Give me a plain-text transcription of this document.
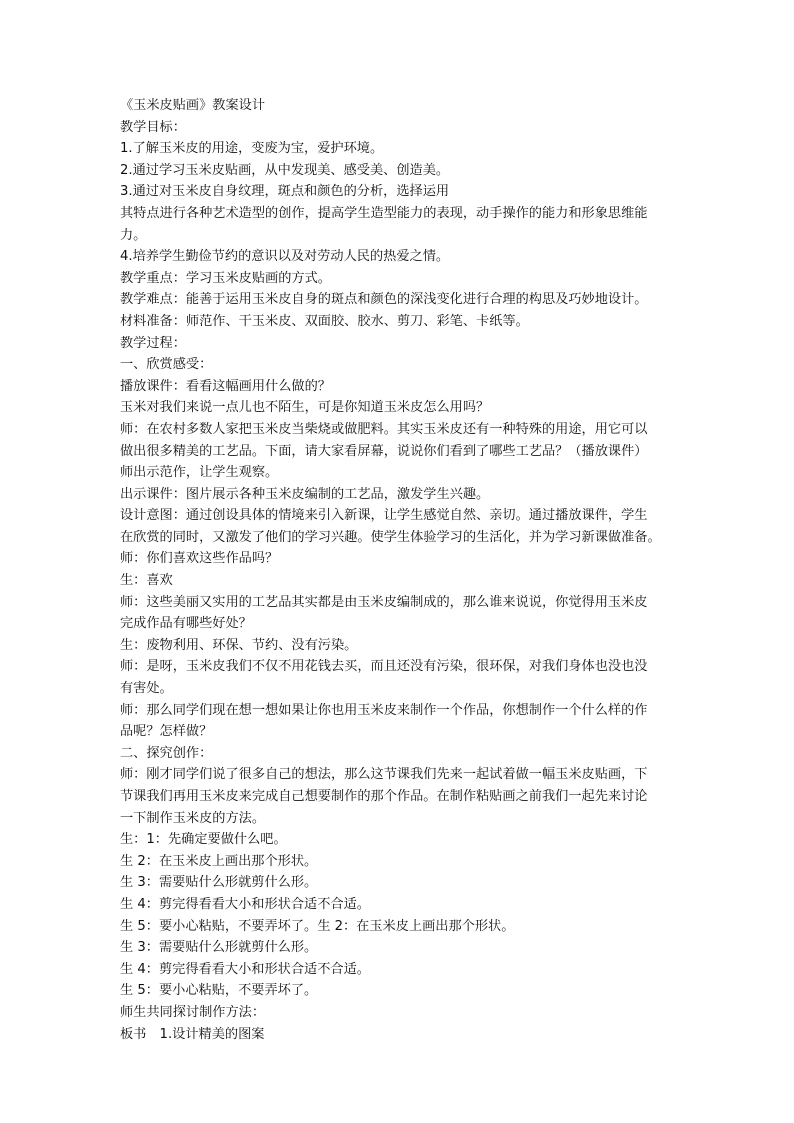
《玉米皮贴画》教案设计
教学目标：
1.了解玉米皮的用途，变废为宝，爱护环境。
2.通过学习玉米皮贴画，从中发现美、感受美、创造美。
3.通过对玉米皮自身纹理，斑点和颜色的分析，选择运用
其特点进行各种艺术造型的创作，提高学生造型能力的表现，动手操作的能力和形象思维能
力。
4.培养学生勤俭节约的意识以及对劳动人民的热爱之情。
教学重点：学习玉米皮贴画的方式。
教学难点：能善于运用玉米皮自身的斑点和颜色的深浅变化进行合理的构思及巧妙地设计。
材料准备：师范作、干玉米皮、双面胶、胶水、剪刀、彩笔、卡纸等。
教学过程：
一、欣赏感受：
播放课件：看看这幅画用什么做的？
玉米对我们来说一点儿也不陌生，可是你知道玉米皮怎么用吗？
师：在农村多数人家把玉米皮当柴烧或做肥料。其实玉米皮还有一种特殊的用途，用它可以
做出很多精美的工艺品。下面，请大家看屏幕，说说你们看到了哪些工艺品？（播放课件）
师出示范作，让学生观察。
出示课件：图片展示各种玉米皮编制的工艺品，激发学生兴趣。
设计意图：通过创设具体的情境来引入新课，让学生感觉自然、亲切。通过播放课件，学生
在欣赏的同时，又激发了他们的学习兴趣。使学生体验学习的生活化，并为学习新课做准备。
师：你们喜欢这些作品吗？
生：喜欢
师：这些美丽又实用的工艺品其实都是由玉米皮编制成的，那么谁来说说，你觉得用玉米皮
完成作品有哪些好处？
生：废物利用、环保、节约、没有污染。
师：是呀，玉米皮我们不仅不用花钱去买，而且还没有污染，很环保，对我们身体也没也没
有害处。
师：那么同学们现在想一想如果让你也用玉米皮来制作一个作品，你想制作一个什么样的作
品呢？怎样做？
二、探究创作：
师：刚才同学们说了很多自己的想法，那么这节课我们先来一起试着做一幅玉米皮贴画，下
节课我们再用玉米皮来完成自己想要制作的那个作品。在制作粘贴画之前我们一起先来讨论
一下制作玉米皮的方法。
生：1：先确定要做什么吧。
生 2：在玉米皮上画出那个形状。
生 3：需要贴什么形就剪什么形。
生 4：剪完得看看大小和形状合适不合适。
生 5：要小心粘贴，不要弄坏了。生 2：在玉米皮上画出那个形状。
生 3：需要贴什么形就剪什么形。
生 4：剪完得看看大小和形状合适不合适。
生 5：要小心粘贴，不要弄坏了。
师生共同探讨制作方法：
板书　1.设计精美的图案
